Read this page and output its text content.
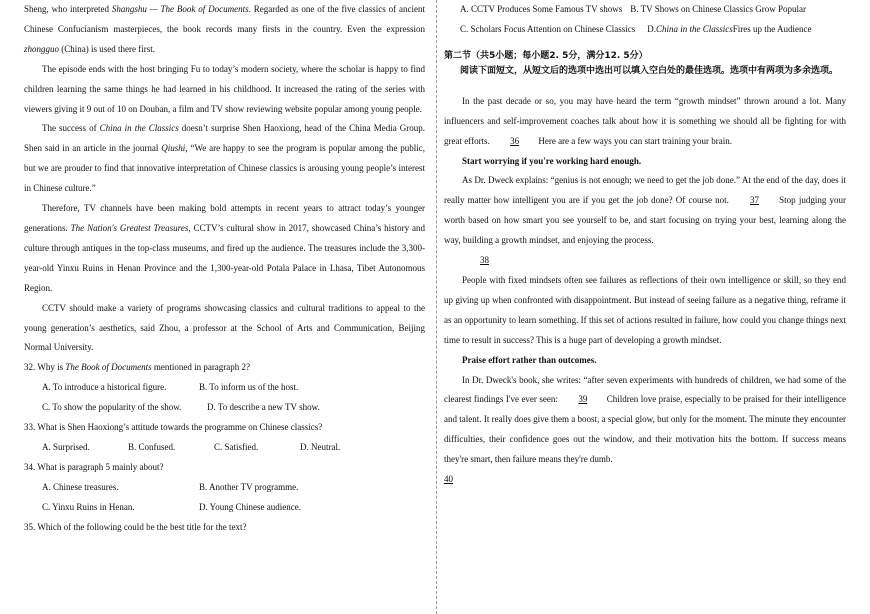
Sheng, who interpreted Shangshu — The Book of Documents. Regarded as one of the five classics of ancient Chinese Confucianism masterpieces, the book records many firsts in the country. Even the expression zhongguo (China) is used there first.
The episode ends with the host bringing Fu to today’s modern society, where the scholar is happy to find children learning the same things he had learned in his childhood. It increased the rating of the series with viewers giving it 9 out of 10 on Douban, a film and TV show reviewing website popular among young people.
The success of China in the Classics doesn’t surprise Shen Haoxiong, head of the China Media Group. Shen said in an article in the journal Qiushi, “We are happy to see the program is popular among the public, but we are prouder to find that innovative interpretation of Chinese classics is arousing young people’s interest in Chinese culture.”
Therefore, TV channels have been making bold attempts in recent years to attract today’s younger generations. The Nation's Greatest Treasures, CCTV’s cultural show in 2017, showcased China’s history and culture through antiques in the top-class museums, and fired up the audience. The treasures include the 3,300-year-old Yinxu Ruins in Henan Province and the 1,300-year-old Potala Palace in Lhasa, Tibet Autonomous Region.
CCTV should make a variety of programs showcasing classics and cultural traditions to appeal to the young generation’s aesthetics, said Zhou, a professor at the School of Arts and Communication, Beijing Normal University.
32. Why is The Book of Documents mentioned in paragraph 2?
A. To introduce a historical figure.	B. To inform us of the host.
C. To show the popularity of the show.	D. To describe a new TV show.
33. What is Shen Haoxiong’s attitude towards the programme on Chinese classics?
A. Surprised.	B. Confused.	C. Satisfied.	D. Neutral.
34. What is paragraph 5 mainly about?
A. Chinese treasures.	B. Another TV programme.
C. Yinxu Ruins in Henan.	D. Young Chinese audience.
35. Which of the following could be the best title for the text?
A. CCTV Produces Some Famous TV shows B. TV Shows on Chinese Classics Grow Popular
C. Scholars Focus Attention on Chinese Classics D.China in the ClassicsFires up the Audience
第二节（共5小题；每小题2. 5分，满分12. 5分）
阅读下面短文，从短文后的选项中选出可以填入空白处的最佳选项。选项中有两项为多余选项。
In the past decade or so, you may have heard the term “growth mindset” thrown around a lot. Many influencers and self-improvement coaches talk about how it is something we should all be fighting for with great efforts. 36 Here are a few ways you can start training your brain.
Start worrying if you're working hard enough.
As Dr. Dweck explains: “genius is not enough; we need to get the job done.” At the end of the day, does it really matter how intelligent you are if you get the job done? Of course not. 37 Stop judging your worth based on how smart you see yourself to be, and start focusing on trying your best, learning along the way, building a growth mindset, and enjoying the process.
38
People with fixed mindsets often see failures as reflections of their own intelligence or skill, so they end up giving up when confronted with disappointment. But instead of seeing failure as a negative thing, reframe it as an opportunity to learn something. If this set of actions resulted in failure, how could you change things next time to result in success? This is a huge part of developing a growth mindset.
Praise effort rather than outcomes.
In Dr. Dweck's book, she writes: “after seven experiments with hundreds of children, we had some of the clearest findings I've ever seen: 39 Children love praise, especially to be praised for their intelligence and talent. It really does give them a boost, a special glow, but only for the moment. The minute they encounter difficulties, their confidence goes out the window, and their motivation hits the bottom. If success means they're smart, then failure means they're dumb.
40
